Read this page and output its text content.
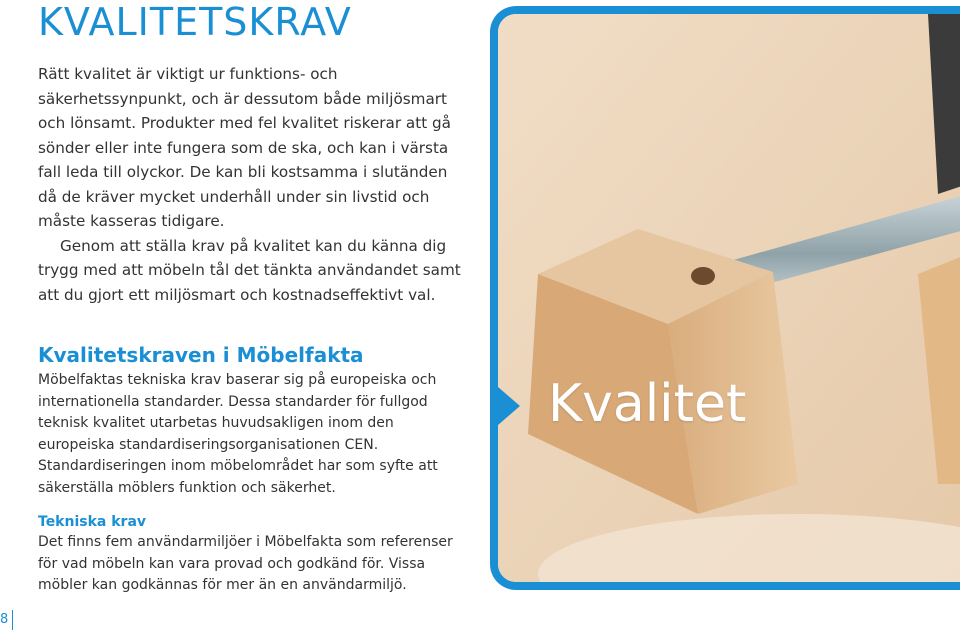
KVALITETSKRAV

Rätt kvalitet är viktigt ur funktions- och säkerhetssynpunkt, och är dessutom både miljösmart och lönsamt. Produkter med fel kvalitet riskerar att gå sönder eller inte fungera som de ska, och kan i värsta fall leda till olyckor. De kan bli kostsamma i slutänden då de kräver mycket underhåll under sin livstid och måste kasseras tidigare.
Genom att ställa krav på kvalitet kan du känna dig trygg med att möbeln tål det tänkta användandet samt att du gjort ett miljösmart och kostnadseffektivt val.

Kvalitetskraven i Möbelfakta

Möbelfaktas tekniska krav baserar sig på europeiska och internationella standarder. Dessa standarder för fullgod teknisk kvalitet utarbetas huvudsakligen inom den europeiska standardiseringsorganisationen CEN. Standardiseringen inom möbelområdet har som syfte att säkerställa möblers funktion och säkerhet.

Tekniska krav

Det finns fem användarmiljöer i Möbelfakta som referenser för vad möbeln kan vara provad och godkänd för. Vissa möbler kan godkännas för mer än en användarmiljö.

8
Kvalitet
